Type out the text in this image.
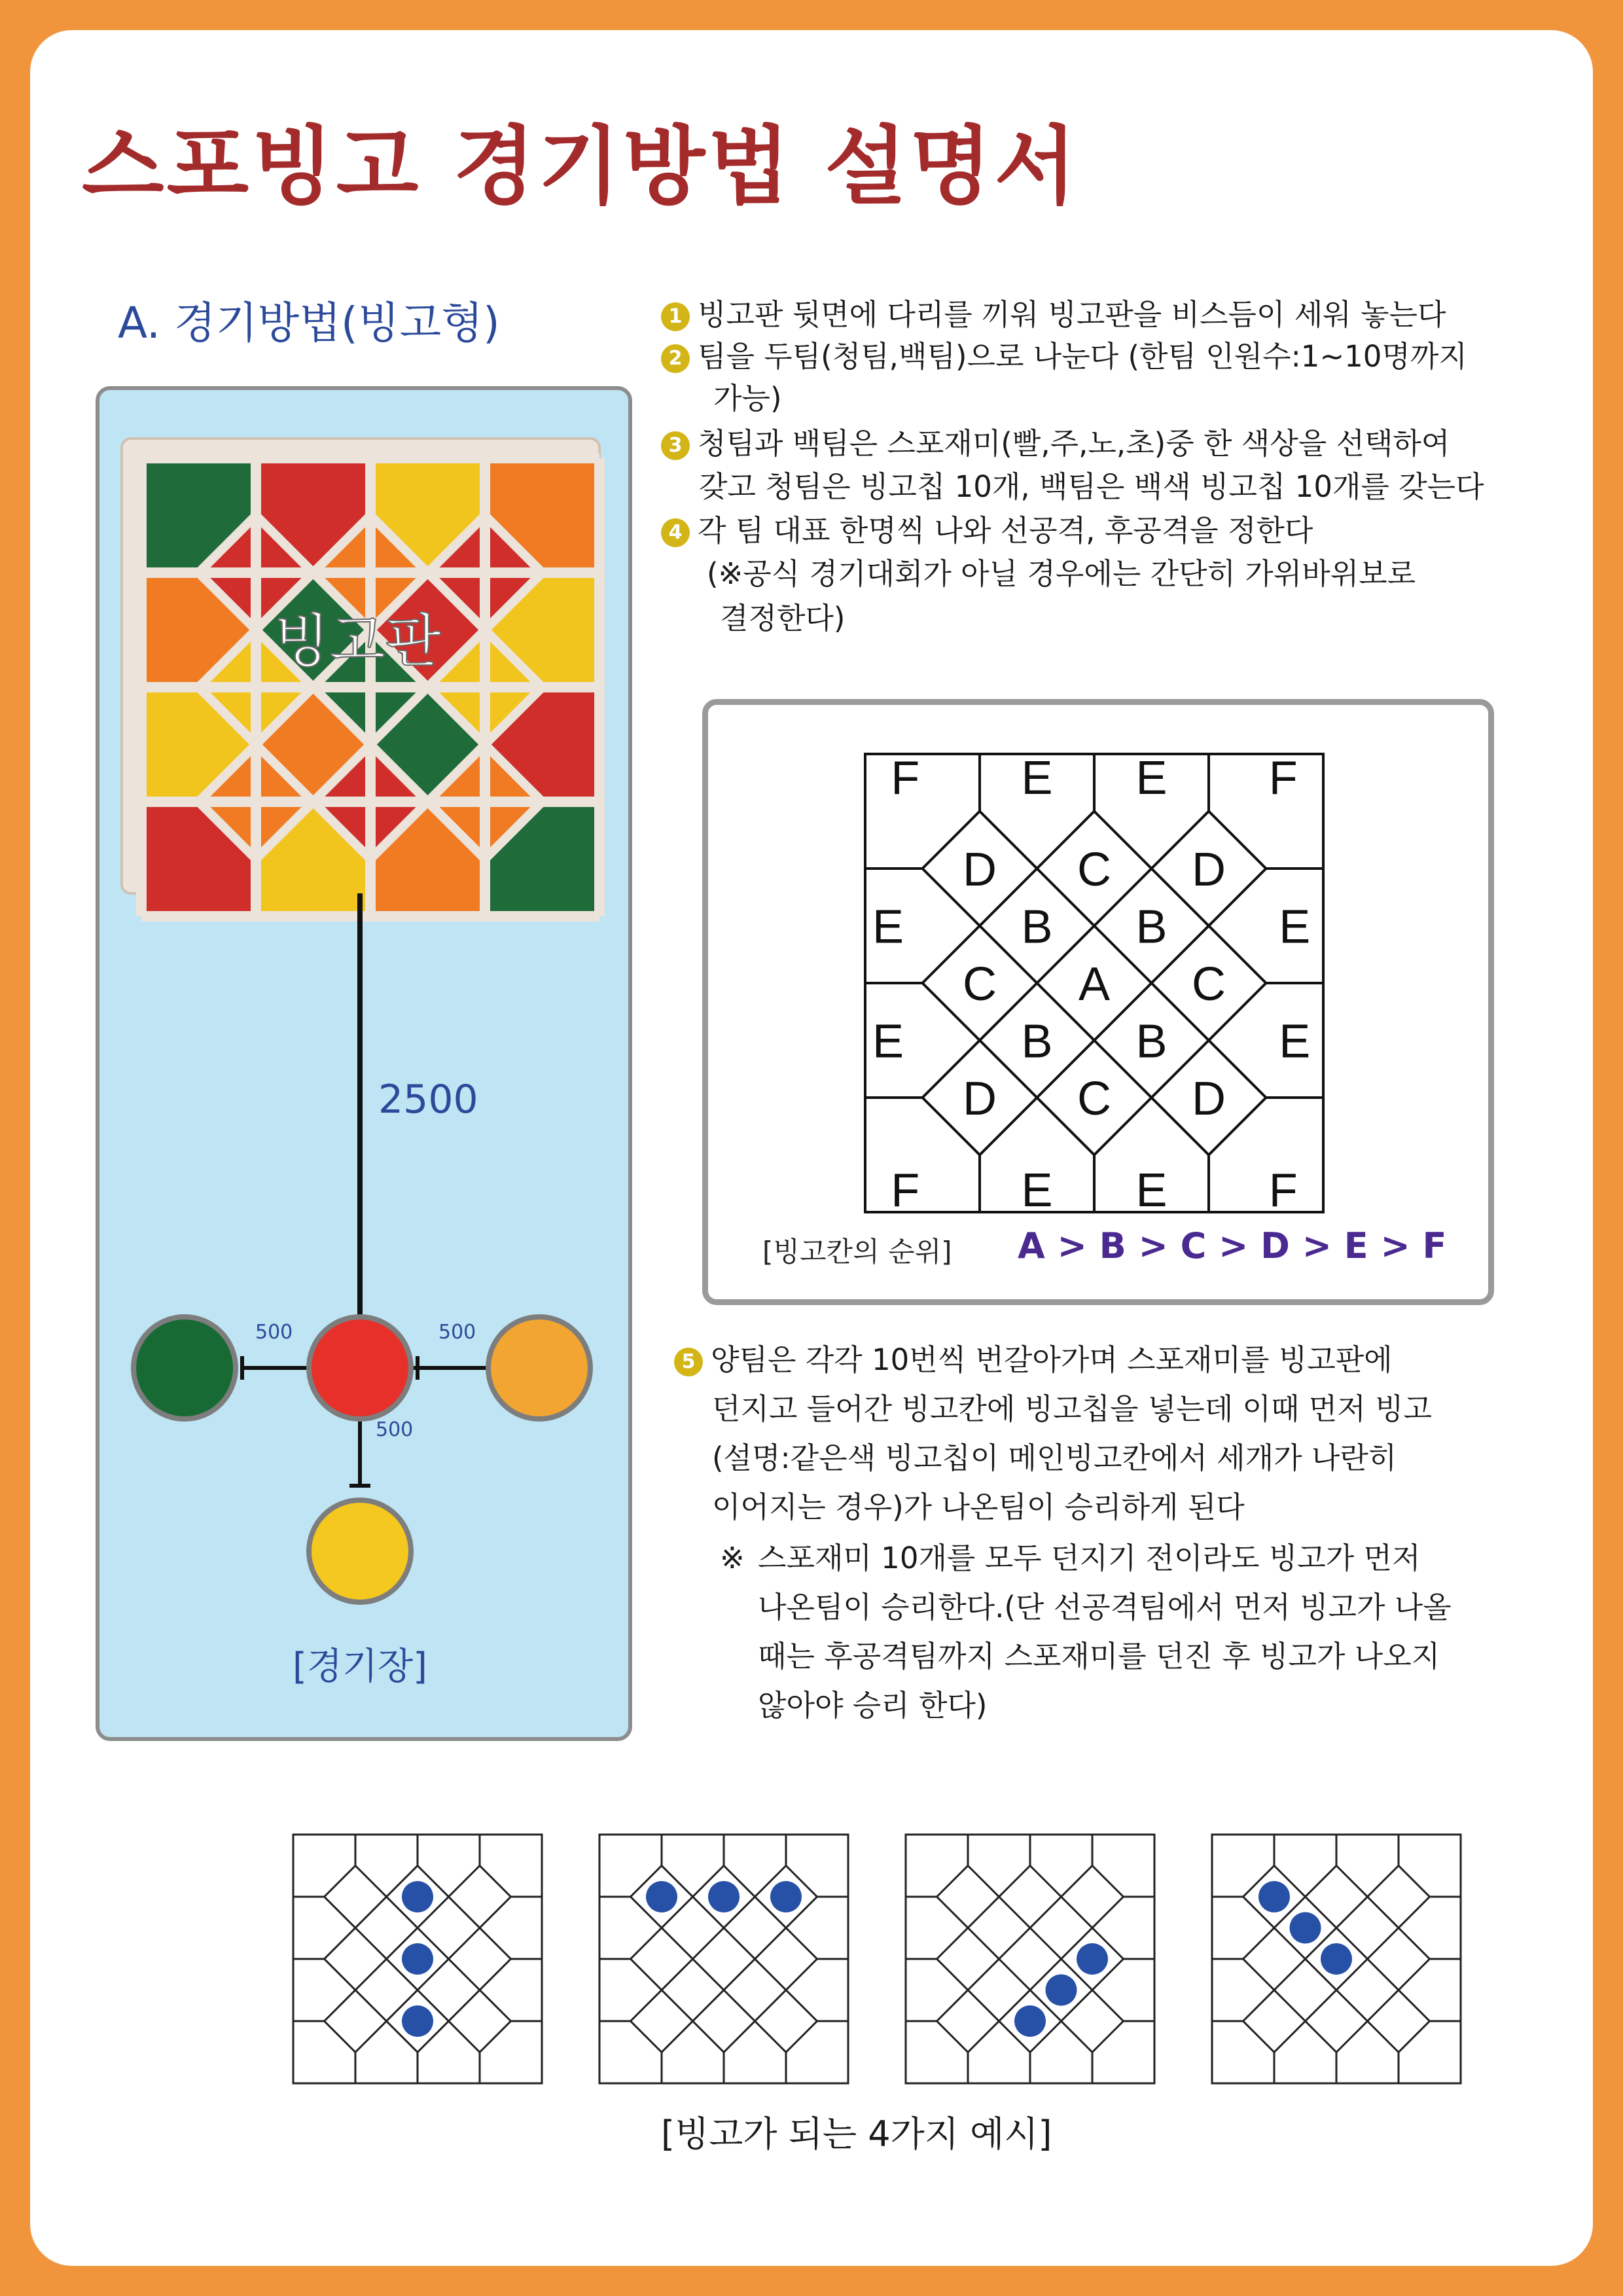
스포빙고 경기방법 설명서
A. 경기방법(빙고형)
빙고판
2500
500	500
500
[경기장]
1 빙고판 뒷면에 다리를 끼워 빙고판을 비스듬이 세워 놓는다
2 팀을 두팀(청팀,백팀)으로 나눈다 (한팀 인원수:1~10명까지
가능)
3 청팀과 백팀은 스포재미(빨,주,노,초)중 한 색상을 선택하여
갖고 청팀은 빙고칩 10개, 백팀은 백색 빙고칩 10개를 갖는다
4 각 팀 대표 한명씩 나와 선공격, 후공격을 정한다
(※공식 경기대회가 아닐 경우에는 간단히 가위바위보로
결정한다)
F E E F
E	E
E	E
F E E F
D C D
B B
C A C
B B
D C D
[빙고칸의 순위] A > B > C > D > E > F
5 양팀은 각각 10번씩 번갈아가며 스포재미를 빙고판에
던지고 들어간 빙고칸에 빙고칩을 넣는데 이때 먼저 빙고
(설명:같은색 빙고칩이 메인빙고칸에서 세개가 나란히
이어지는 경우)가 나온팀이 승리하게 된다
※ 스포재미 10개를 모두 던지기 전이라도 빙고가 먼저
나온팀이 승리한다.(단 선공격팀에서 먼저 빙고가 나올
때는 후공격팀까지 스포재미를 던진 후 빙고가 나오지
않아야 승리 한다)
[빙고가 되는 4가지 예시]
